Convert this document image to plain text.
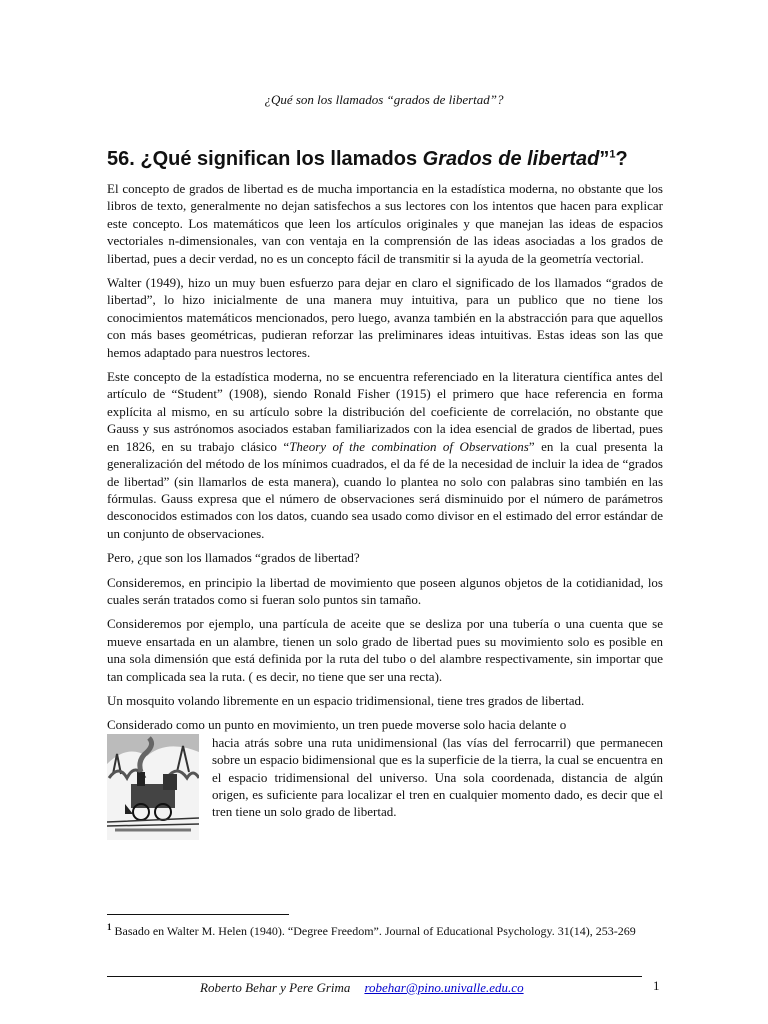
¿Qué son los llamados “grados de libertad”?
56. ¿Qué significan los llamados Grados de libertad”$^1$?

El concepto de grados de libertad es de mucha importancia en la estadística moderna, no obstante que los libros de texto, generalmente no dejan satisfechos a sus lectores con los intentos que hacen para explicar este concepto. Los matemáticos que leen los artículos originales y que manejan las ideas de espacios vectoriales n-dimensionales, van con ventaja en la comprensión de las ideas asociadas a los grados de libertad, pues a decir verdad, no es un concepto fácil de transmitir si la ayuda de la geometría vectorial.

Walter (1949), hizo un muy buen esfuerzo para dejar en claro el significado de los llamados “grados de libertad”, lo hizo inicialmente de una manera muy intuitiva, para un publico que no tiene los conocimientos matemáticos mencionados, pero luego, avanza también en la abstracción para que aquellos con más bases geométricas, pudieran reforzar las preliminares ideas intuitivas. Estas ideas son las que hemos adaptado para nuestros lectores.

Este concepto de la estadística moderna, no se encuentra referenciado en la literatura científica antes del artículo de “Student” (1908), siendo Ronald Fisher (1915) el primero que hace referencia en forma explícita al mismo, en su artículo sobre la distribución del coeficiente de correlación, no obstante que Gauss y sus astrónomos asociados estaban familiarizados con la idea esencial de grados de libertad, pues en 1826, en su trabajo clásico “Theory of the combination of Observations” en la cual presenta la generalización del método de los mínimos cuadrados, el da fé de la necesidad de incluir la idea de “grados de libertad” (sin llamarlos de esta manera), cuando lo plantea no solo con palabras sino también en las fórmulas. Gauss expresa que el número de observaciones será disminuido por el número de parámetros desconocidos estimados con los datos, cuando sea usado como divisor en el estimado del error estándar de un conjunto de observaciones.

Pero, ¿que son los llamados “grados de libertad?

Consideremos, en principio la libertad de movimiento que poseen algunos objetos de la cotidianidad, los cuales serán tratados como si fueran solo puntos sin tamaño.

Consideremos por ejemplo, una partícula de aceite que se desliza por una tubería o una cuenta que se mueve ensartada en un alambre, tienen un solo grado de libertad pues su movimiento solo es posible en una sola dimensión que está definida por la ruta del tubo o del alambre respectivamente, sin importar que tan complicada sea la ruta. ( es decir, no tiene que ser una recta).

Un mosquito volando libremente en un espacio tridimensional, tiene tres grados de libertad.

Considerado como un punto en movimiento, un tren puede moverse solo hacia delante o
hacia atrás sobre una ruta unidimensional (las vías del ferrocarril) que permanecen sobre un espacio bidimensional que es la superficie de la tierra, la cual se encuentra en el espacio tridimensional del universo. Una sola coordenada, distancia de algún origen, es suficiente para localizar el tren en cualquier momento dado, es decir que el tren tiene un solo grado de libertad.
$^1$ Basado en Walter M. Helen (1940). “Degree Freedom”. Journal of Educational Psychology. 31(14), 253-269
Roberto Behar y Pere Grima robehar@pino.univalle.edu.co	1
